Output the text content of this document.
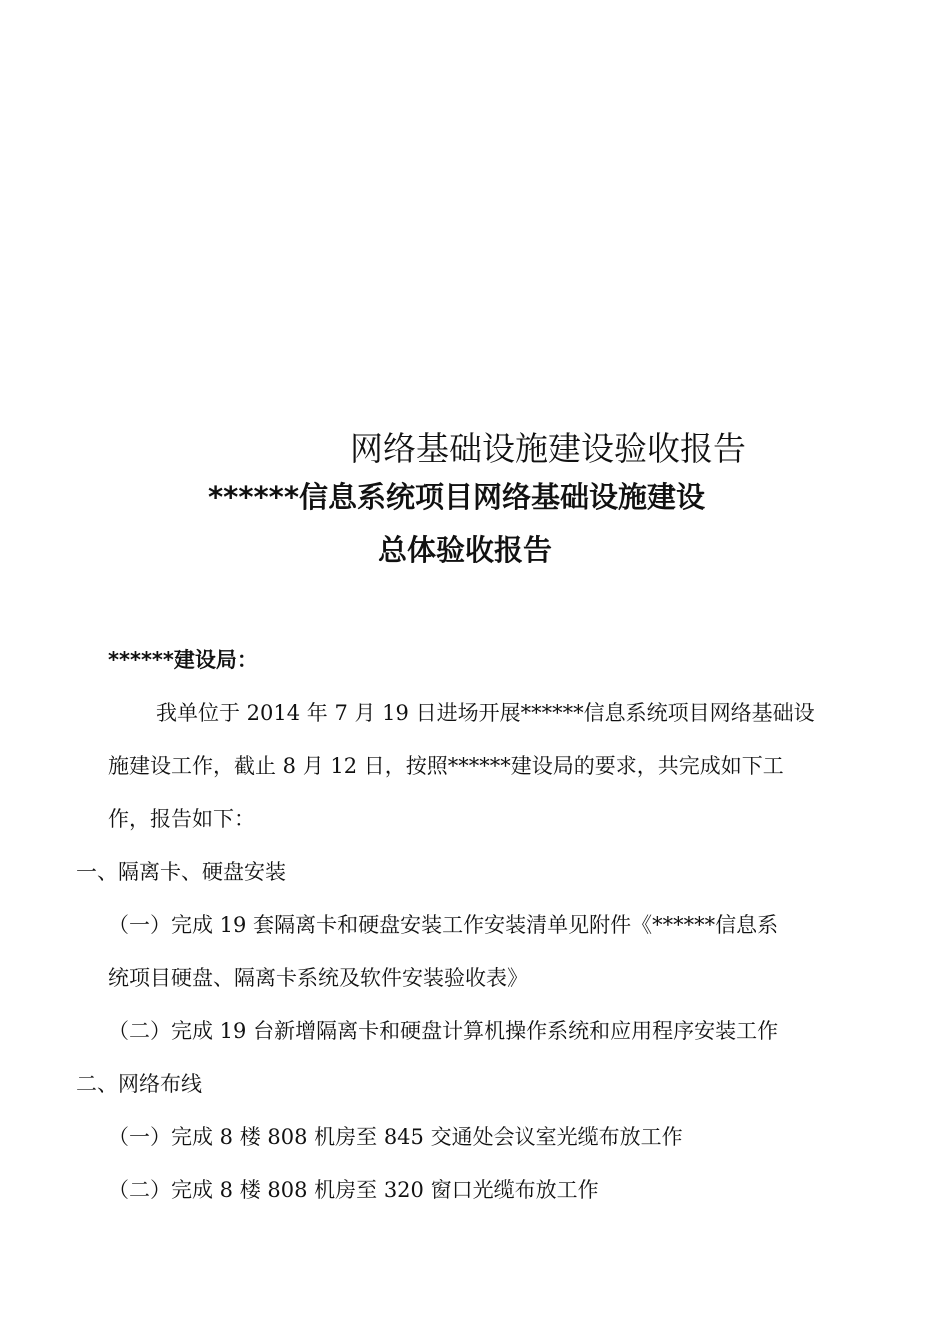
网络基础设施建设验收报告
******信息系统项目网络基础设施建设
总体验收报告

******建设局：

我单位于 2014 年 7 月 19 日进场开展******信息系统项目网络基础设

施建设工作，截止 8 月 12 日，按照******建设局的要求，共完成如下工

作，报告如下：

一、隔离卡、硬盘安装

（一）完成 19 套隔离卡和硬盘安装工作安装清单见附件《******信息系

统项目硬盘、隔离卡系统及软件安装验收表》

（二）完成 19 台新增隔离卡和硬盘计算机操作系统和应用程序安装工作

二、网络布线

（一）完成 8 楼 808 机房至 845 交通处会议室光缆布放工作

（二）完成 8 楼 808 机房至 320 窗口光缆布放工作
